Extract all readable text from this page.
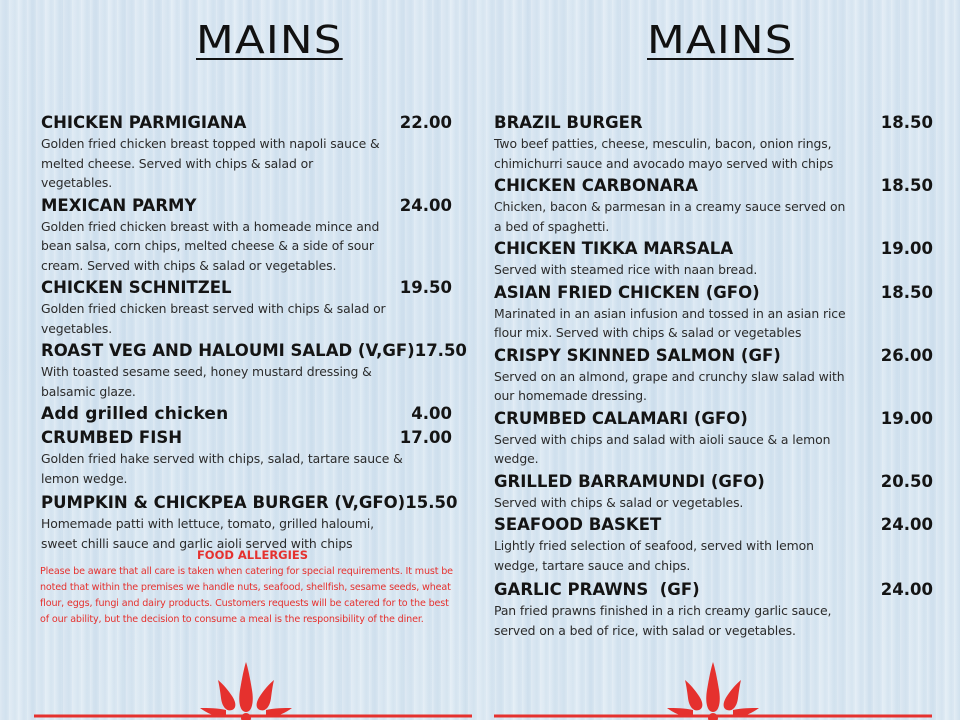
MAINS
CHICKEN PARMIGIANA	22.00
Golden fried chicken breast topped with napoli sauce & melted cheese. Served with chips & salad or vegetables.
MEXICAN PARMY	24.00
Golden fried chicken breast with a homeade mince and bean salsa, corn chips, melted cheese & a side of sour cream. Served with chips & salad or vegetables.
CHICKEN SCHNITZEL	19.50
Golden fried chicken breast served with chips & salad or vegetables.
ROAST VEG AND HALOUMI SALAD (V,GF) 17.50
With toasted sesame seed, honey mustard dressing & balsamic glaze.
Add grilled chicken	4.00
CRUMBED FISH	17.00
Golden fried hake served with chips, salad, tartare sauce & lemon wedge.
PUMPKIN & CHICKPEA BURGER (V,GFO) 15.50
Homemade patti with lettuce, tomato, grilled haloumi, sweet chilli sauce and garlic aioli served with chips
FOOD ALLERGIES

Please be aware that all care is taken when catering for special requirements. It must be noted that within the premises we handle nuts, seafood, shellfish, sesame seeds, wheat flour, eggs, fungi and dairy products. Customers requests will be catered for to the best of our ability, but the decision to consume a meal is the responsibility of the diner.

MAINS
BRAZIL BURGER	18.50
Two beef patties, cheese, mesculin, bacon, onion rings, chimichurri sauce and avocado mayo served with chips
CHICKEN CARBONARA	18.50
Chicken, bacon & parmesan in a creamy sauce served on a bed of spaghetti.
CHICKEN TIKKA MARSALA	19.00
Served with steamed rice with naan bread.
ASIAN FRIED CHICKEN (GFO)	18.50
Marinated in an asian infusion and tossed in an asian rice flour mix. Served with chips & salad or vegetables
CRISPY SKINNED SALMON (GF)	26.00
Served on an almond, grape and crunchy slaw salad with our homemade dressing.
CRUMBED CALAMARI (GFO)	19.00
Served with chips and salad with aioli sauce & a lemon wedge.
GRILLED BARRAMUNDI (GFO)	20.50
Served with chips & salad or vegetables.
SEAFOOD BASKET	24.00
Lightly fried selection of seafood, served with lemon wedge, tartare sauce and chips.
GARLIC PRAWNS  (GF)	24.00
Pan fried prawns finished in a rich creamy garlic sauce, served on a bed of rice, with salad or vegetables.
